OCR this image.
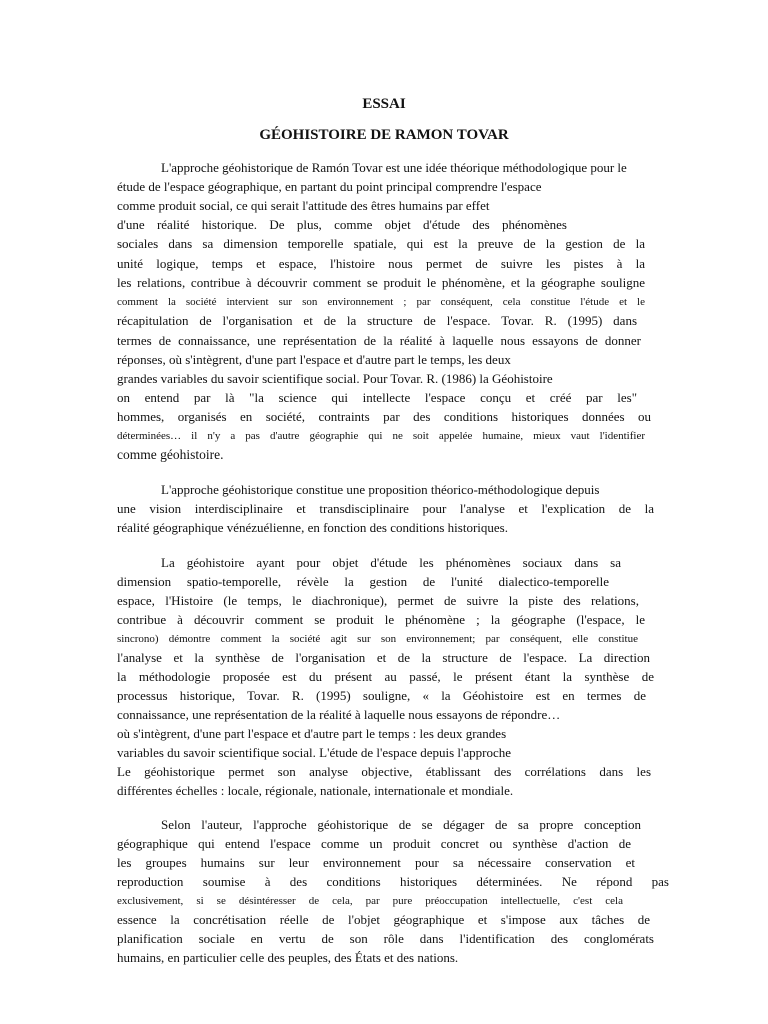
ESSAI
GÉOHISTOIRE DE RAMON TOVAR
L'approche géohistorique de Ramón Tovar est une idée théorique méthodologique pour le
étude de l'espace géographique, en partant du point principal comprendre l'espace
comme produit social, ce qui serait l'attitude des êtres humains par effet
d'une réalité historique. De plus, comme objet d'étude des phénomènes
sociales dans sa dimension temporelle spatiale, qui est la preuve de la gestion de la
unité logique, temps et espace, l'histoire nous permet de suivre les pistes à la
les relations, contribue à découvrir comment se produit le phénomène, et la géographe souligne
comment la société intervient sur son environnement ; par conséquent, cela constitue l'étude et le
récapitulation de l'organisation et de la structure de l'espace. Tovar. R. (1995) dans
termes de connaissance, une représentation de la réalité à laquelle nous essayons de donner
réponses, où s'intègrent, d'une part l'espace et d'autre part le temps, les deux
grandes variables du savoir scientifique social. Pour Tovar. R. (1986) la Géohistoire
on entend par là "la science qui intellecte l'espace conçu et créé par les"
hommes, organisés en société, contraints par des conditions historiques données ou
déterminées… il n'y a pas d'autre géographie qui ne soit appelée humaine, mieux vaut l'identifier
comme géohistoire.
L'approche géohistorique constitue une proposition théorico-méthodologique depuis
une vision interdisciplinaire et transdisciplinaire pour l'analyse et l'explication de la
réalité géographique vénézuélienne, en fonction des conditions historiques.
La géohistoire ayant pour objet d'étude les phénomènes sociaux dans sa
dimension spatio-temporelle, révèle la gestion de l'unité dialectico-temporelle
espace, l'Histoire (le temps, le diachronique), permet de suivre la piste des relations,
contribue à découvrir comment se produit le phénomène ; la géographe (l'espace, le
sincrono) démontre comment la société agit sur son environnement; par conséquent, elle constitue
l'analyse et la synthèse de l'organisation et de la structure de l'espace. La direction
la méthodologie proposée est du présent au passé, le présent étant la synthèse de
processus historique, Tovar. R. (1995) souligne, « la Géohistoire est en termes de
connaissance, une représentation de la réalité à laquelle nous essayons de répondre…
où s'intègrent, d'une part l'espace et d'autre part le temps : les deux grandes
variables du savoir scientifique social. L'étude de l'espace depuis l'approche
Le géohistorique permet son analyse objective, établissant des corrélations dans les
différentes échelles : locale, régionale, nationale, internationale et mondiale.
Selon l'auteur, l'approche géohistorique de se dégager de sa propre conception
géographique qui entend l'espace comme un produit concret ou synthèse d'action de
les groupes humains sur leur environnement pour sa nécessaire conservation et
reproduction soumise à des conditions historiques déterminées. Ne répond pas
exclusivement, si se désintéresser de cela, par pure préoccupation intellectuelle, c'est cela
essence la concrétisation réelle de l'objet géographique et s'impose aux tâches de
planification sociale en vertu de son rôle dans l'identification des conglomérats
humains, en particulier celle des peuples, des États et des nations.
